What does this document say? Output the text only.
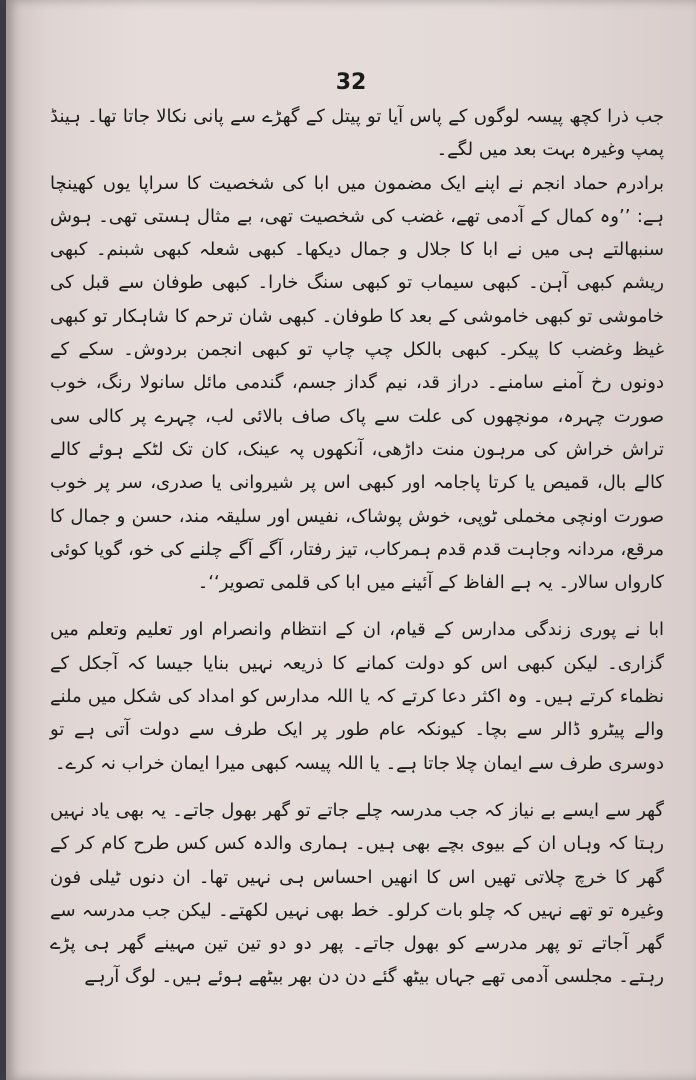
32

جب ذرا کچھ پیسہ لوگوں کے پاس آیا تو پیتل کے گھڑے سے پانی نکالا جاتا تھا۔ ہینڈ پمپ وغیرہ بہت بعد میں لگے۔

برادرم حماد انجم نے اپنے ایک مضمون میں ابا کی شخصیت کا سراپا یوں کھینچا ہے: ’’وہ کمال کے آدمی تھے، غضب کی شخصیت تھی، بے مثال ہستی تھی۔ ہوش سنبھالتے ہی میں نے ابا کا جلال و جمال دیکھا۔ کبھی شعلہ کبھی شبنم۔ کبھی ریشم کبھی آہن۔ کبھی سیماب تو کبھی سنگ خارا۔ کبھی طوفان سے قبل کی خاموشی تو کبھی خاموشی کے بعد کا طوفان۔ کبھی شان ترحم کا شاہکار تو کبھی غیظ وغضب کا پیکر۔ کبھی بالکل چپ چاپ تو کبھی انجمن بردوش۔ سکے کے دونوں رخ آمنے سامنے۔ دراز قد، نیم گداز جسم، گندمی مائل سانولا رنگ، خوب صورت چہرہ، مونچھوں کی علت سے پاک صاف بالائی لب، چہرے پر کالی سی تراش خراش کی مرہون منت داڑھی، آنکھوں پہ عینک، کان تک لٹکے ہوئے کالے کالے بال، قمیص یا کرتا پاجامہ اور کبھی اس پر شیروانی یا صدری، سر پر خوب صورت اونچی مخملی ٹوپی، خوش پوشاک، نفیس اور سلیقہ مند، حسن و جمال کا مرقع، مردانہ وجاہت قدم قدم ہمرکاب، تیز رفتار، آگے آگے چلنے کی خو، گویا کوئی کارواں سالار۔ یہ ہے الفاظ کے آئینے میں ابا کی قلمی تصویر‘‘۔

ابا نے پوری زندگی مدارس کے قیام، ان کے انتظام وانصرام اور تعلیم وتعلم میں گزاری۔ لیکن کبھی اس کو دولت کمانے کا ذریعہ نہیں بنایا جیسا کہ آجکل کے نظماء کرتے ہیں۔ وہ اکثر دعا کرتے کہ یا اللہ مدارس کو امداد کی شکل میں ملنے والے پیٹرو ڈالر سے بچا۔ کیونکہ عام طور پر ایک طرف سے دولت آتی ہے تو دوسری طرف سے ایمان چلا جاتا ہے۔ یا اللہ پیسہ کبھی میرا ایمان خراب نہ کرے۔

گھر سے ایسے بے نیاز کہ جب مدرسہ چلے جاتے تو گھر بھول جاتے۔ یہ بھی یاد نہیں رہتا کہ وہاں ان کے بیوی بچے بھی ہیں۔ ہماری والدہ کس کس طرح کام کر کے گھر کا خرچ چلاتی تھیں اس کا انھیں احساس ہی نہیں تھا۔ ان دنوں ٹیلی فون وغیرہ تو تھے نہیں کہ چلو بات کرلو۔ خط بھی نہیں لکھتے۔ لیکن جب مدرسہ سے گھر آجاتے تو پھر مدرسے کو بھول جاتے۔ پھر دو دو تین تین مہینے گھر ہی پڑے رہتے۔ مجلسی آدمی تھے جہاں بیٹھ گئے دن دن بھر بیٹھے ہوئے ہیں۔ لوگ آرہے
